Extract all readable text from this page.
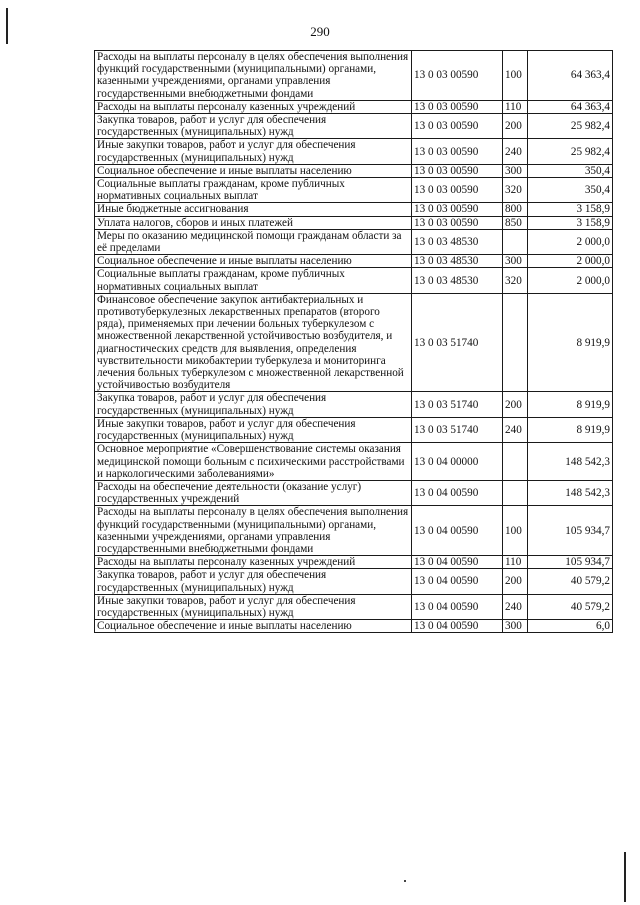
290
Расходы на выплаты персоналу в целях обеспечения выполнения функций государственными (муниципальными) органами, казенными учреждениями, органами управления государственными внебюджетными фондами	13 0 03 00590	100	64 363,4
Расходы на выплаты персоналу казенных учреждений	13 0 03 00590	110	64 363,4
Закупка товаров, работ и услуг для обеспечения государственных (муниципальных) нужд	13 0 03 00590	200	25 982,4
Иные закупки товаров, работ и услуг для обеспечения государственных (муниципальных) нужд	13 0 03 00590	240	25 982,4
Социальное обеспечение и иные выплаты населению	13 0 03 00590	300	350,4
Социальные выплаты гражданам, кроме публичных нормативных социальных выплат	13 0 03 00590	320	350,4
Иные бюджетные ассигнования	13 0 03 00590	800	3 158,9
Уплата налогов, сборов и иных платежей	13 0 03 00590	850	3 158,9
Меры по оказанию медицинской помощи гражданам области за её пределами	13 0 03 48530		2 000,0
Социальное обеспечение и иные выплаты населению	13 0 03 48530	300	2 000,0
Социальные выплаты гражданам, кроме публичных нормативных социальных выплат	13 0 03 48530	320	2 000,0
Финансовое обеспечение закупок антибактериальных и противотуберкулезных лекарственных препаратов (второго ряда), применяемых при лечении больных туберкулезом с множественной лекарственной устойчивостью возбудителя, и диагностических средств для выявления, определения чувствительности микобактерии туберкулеза и мониторинга лечения больных туберкулезом с множественной лекарственной устойчивостью возбудителя	13 0 03 51740		8 919,9
Закупка товаров, работ и услуг для обеспечения государственных (муниципальных) нужд	13 0 03 51740	200	8 919,9
Иные закупки товаров, работ и услуг для обеспечения государственных (муниципальных) нужд	13 0 03 51740	240	8 919,9
Основное мероприятие «Совершенствование системы оказания медицинской помощи больным с психическими расстройствами и наркологическими заболеваниями»	13 0 04 00000		148 542,3
Расходы на обеспечение деятельности (оказание услуг) государственных учреждений	13 0 04 00590		148 542,3
Расходы на выплаты персоналу в целях обеспечения выполнения функций государственными (муниципальными) органами, казенными учреждениями, органами управления государственными внебюджетными фондами	13 0 04 00590	100	105 934,7
Расходы на выплаты персоналу казенных учреждений	13 0 04 00590	110	105 934,7
Закупка товаров, работ и услуг для обеспечения государственных (муниципальных) нужд	13 0 04 00590	200	40 579,2
Иные закупки товаров, работ и услуг для обеспечения государственных (муниципальных) нужд	13 0 04 00590	240	40 579,2
Социальное обеспечение и иные выплаты населению	13 0 04 00590	300	6,0
